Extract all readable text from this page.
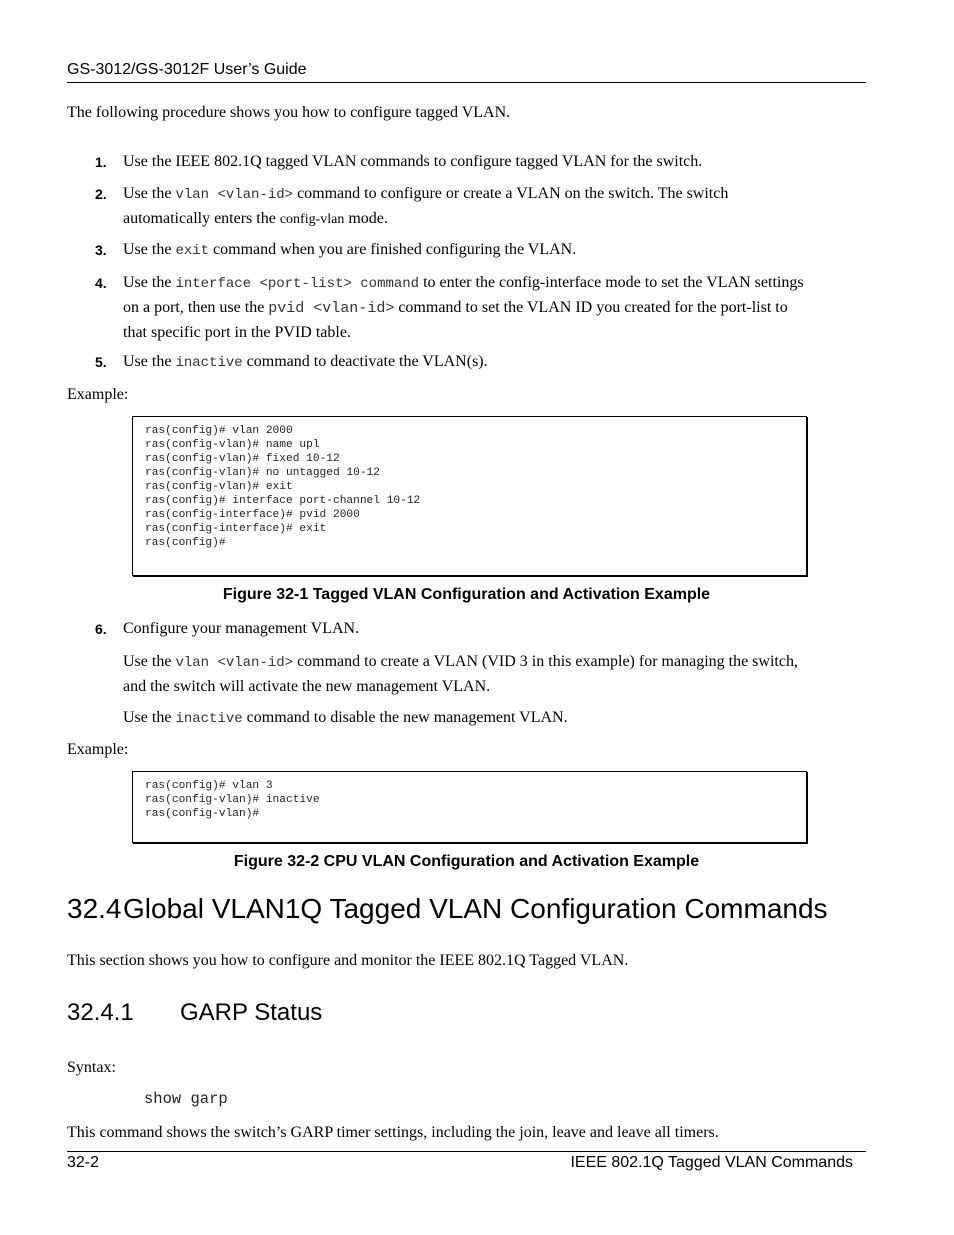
GS-3012/GS-3012F User’s Guide
The following procedure shows you how to configure tagged VLAN.
1. Use the IEEE 802.1Q tagged VLAN commands to configure tagged VLAN for the switch.
2. Use the vlan <vlan-id> command to configure or create a VLAN on the switch. The switch
automatically enters the config-vlan mode.
3. Use the exit command when you are finished configuring the VLAN.
4. Use the interface <port-list> command to enter the config-interface mode to set the VLAN settings
on a port, then use the pvid <vlan-id> command to set the VLAN ID you created for the port-list to
that specific port in the PVID table.
5. Use the inactive command to deactivate the VLAN(s).
Example:
ras(config)# vlan 2000
ras(config-vlan)# name upl
ras(config-vlan)# fixed 10-12
ras(config-vlan)# no untagged 10-12
ras(config-vlan)# exit
ras(config)# interface port-channel 10-12
ras(config-interface)# pvid 2000
ras(config-interface)# exit
ras(config)#
Figure 32-1 Tagged VLAN Configuration and Activation Example
6. Configure your management VLAN.
Use the vlan <vlan-id> command to create a VLAN (VID 3 in this example) for managing the switch,
and the switch will activate the new management VLAN.
Use the inactive command to disable the new management VLAN.
Example:
ras(config)# vlan 3
ras(config-vlan)# inactive
ras(config-vlan)#
Figure 32-2 CPU VLAN Configuration and Activation Example
32.4Global VLAN1Q Tagged VLAN Configuration Commands
This section shows you how to configure and monitor the IEEE 802.1Q Tagged VLAN.
32.4.1 GARP Status
Syntax:
show garp
This command shows the switch’s GARP timer settings, including the join, leave and leave all timers.
32-2	IEEE 802.1Q Tagged VLAN Commands
